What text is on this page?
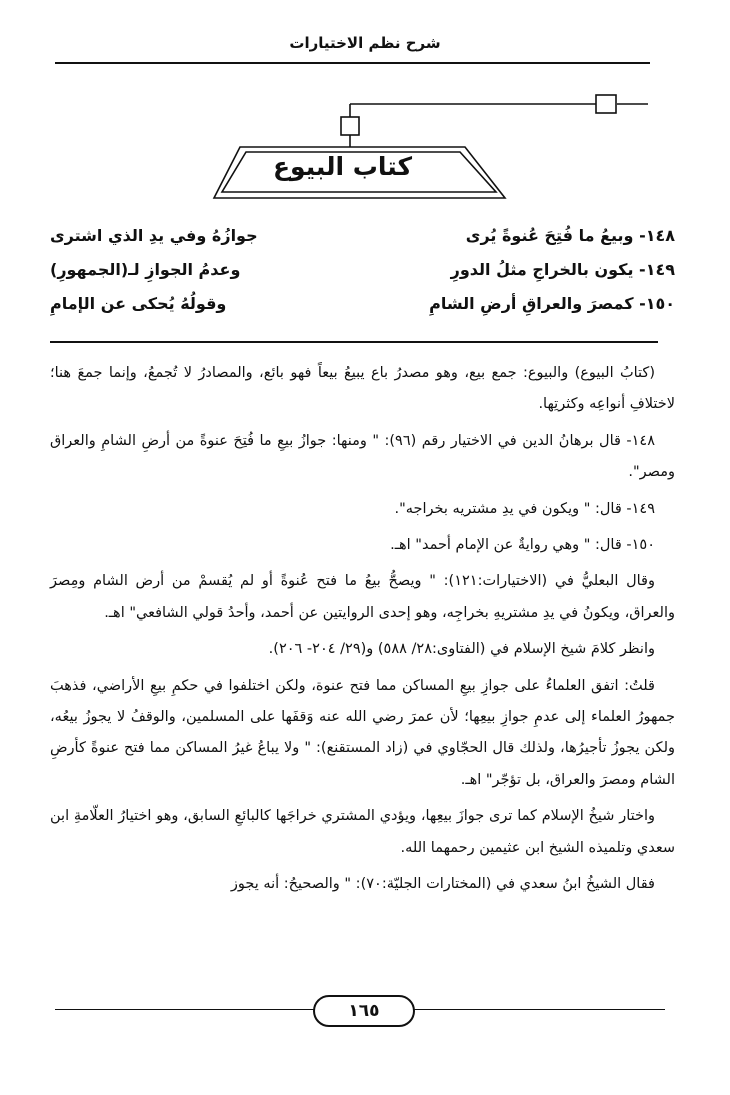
شرح نظم الاختيارات
كتاب البيوع
١٤٨- وبيعُ ما فُتِحَ عُنوةً يُرى
جوازُهُ وفي يدِ الذي اشترى
١٤٩- يكون بالخراجِ مثلُ الدورِ
وعدمُ الجوازِ لـ(الجمهورِ)
١٥٠- كمصرَ والعراقِ أرضِ الشامِ
وقولُهُ يُحكى عن الإمامِ

(كتابُ البيوع) والبيوع: جمع بيع، وهو مصدرُ باع يبيعُ بيعاً فهو بائع، والمصادرُ لا تُجمعُ، وإنما جمعَ هنا؛ لاختلافِ أنواعِه وكثرتِها.

١٤٨- قال برهانُ الدين في الاختيار رقم (٩٦): " ومنها: جوازُ بيعِ ما فُتِحَ عنوةً من أرضِ الشامِ والعراق ومصر".

١٤٩- قال: " ويكون في يدِ مشتريه بخراجه".

١٥٠- قال: " وهي روايةٌ عن الإمام أحمد" اهـ.

وقال البعليُّ في (الاختيارات:١٢١): " ويصحُّ بيعُ ما فتح عُنوةً أو لم يُقسمْ من أرض الشام ومِصرَ والعراق، ويكونُ في يدِ مشتريهِ بخراجِه، وهو إحدى الروايتين عن أحمد، وأحدُ قولي الشافعي" اهـ.

وانظر كلامَ شيخ الإسلام في (الفتاوى:٢٨/ ٥٨٨) و(٢٩/ ٢٠٤- ٢٠٦).

قلتُ: اتفق العلماءُ على جوازِ بيعِ المساكن مما فتح عنوة، ولكن اختلفوا في حكمِ بيعِ الأراضي، فذهبَ جمهورُ العلماء إلى عدمِ جوازِ بيعِها؛ لأن عمرَ رضي الله عنه وَقفَها على المسلمين، والوقفُ لا يجوزُ بيعُه، ولكن يجوزُ تأجيرُها، ولذلك قال الحجّاوي في (زاد المستقنع): " ولا يباعُ غيرُ المساكن مما فتح عنوةً كأرضِ الشام ومصرَ والعراق، بل تؤجّر" اهـ.

واختار شيخُ الإسلام كما ترى جوازَ بيعِها، ويؤدي المشتري خراجَها كالبائعِ السابق، وهو اختيارُ العلّامةِ ابن سعدي وتلميذه الشيخ ابن عثيمين رحمهما الله.

فقال الشيخُ ابنُ سعدي في (المختارات الجليّة:٧٠): " والصحيحُ: أنه يجوز

١٦٥
